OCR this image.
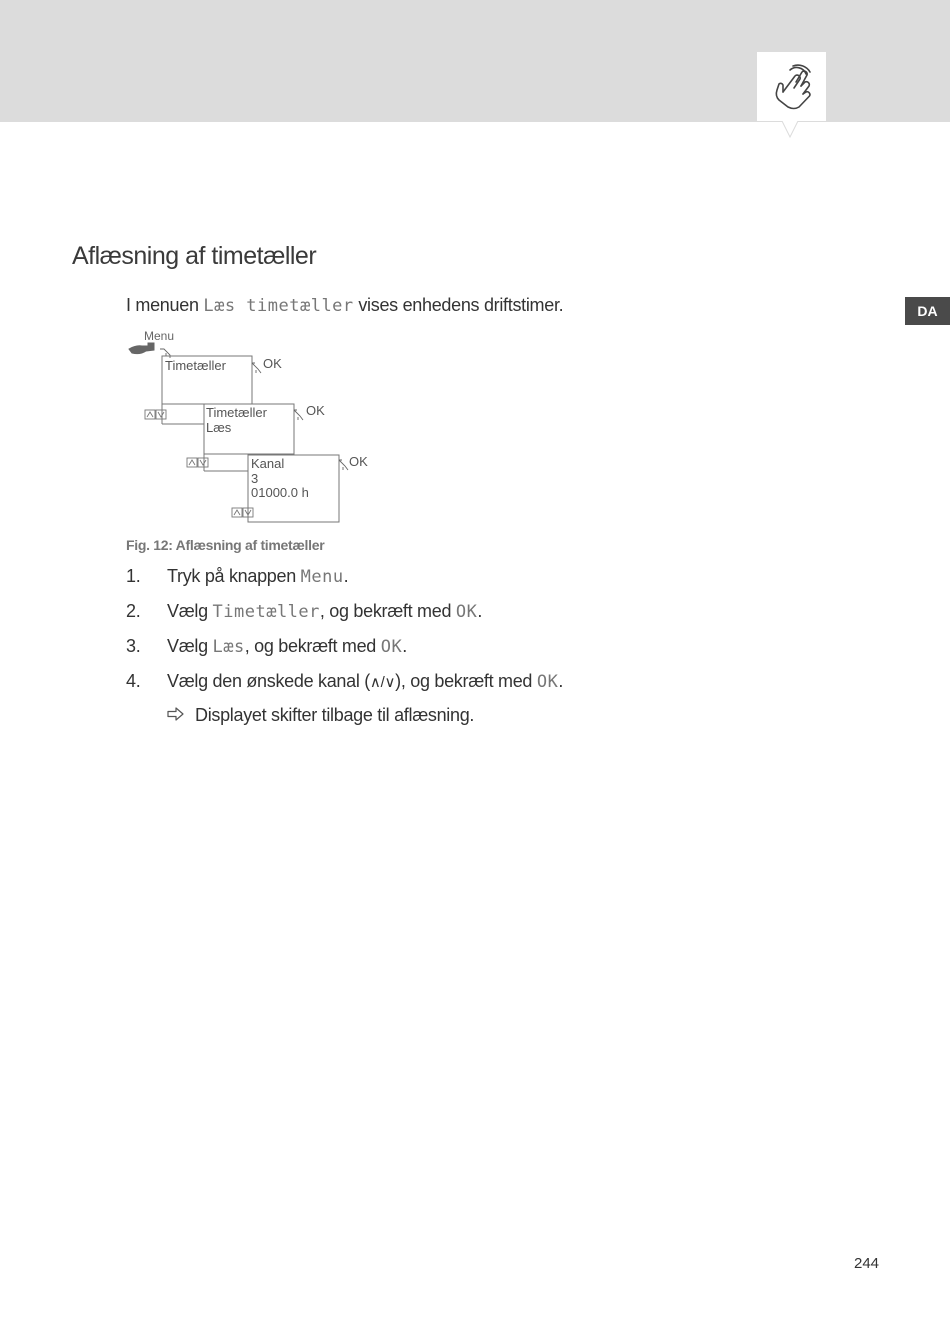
DA
Aflæsning af timetæller
I menuen Læs timetæller vises enhedens driftstimer.
Menu
Timetæller	OK
Timetæller
Læs
OK
Kanal
3
01000.0 h
OK
Fig. 12: Aflæsning af timetæller
1. Tryk på knappen Menu.
2. Vælg Timetæller, og bekræft med OK.
3. Vælg Læs, og bekræft med OK.
4. Vælg den ønskede kanal (∧/∨), og bekræft med OK.
Displayet skifter tilbage til aflæsning.
244
